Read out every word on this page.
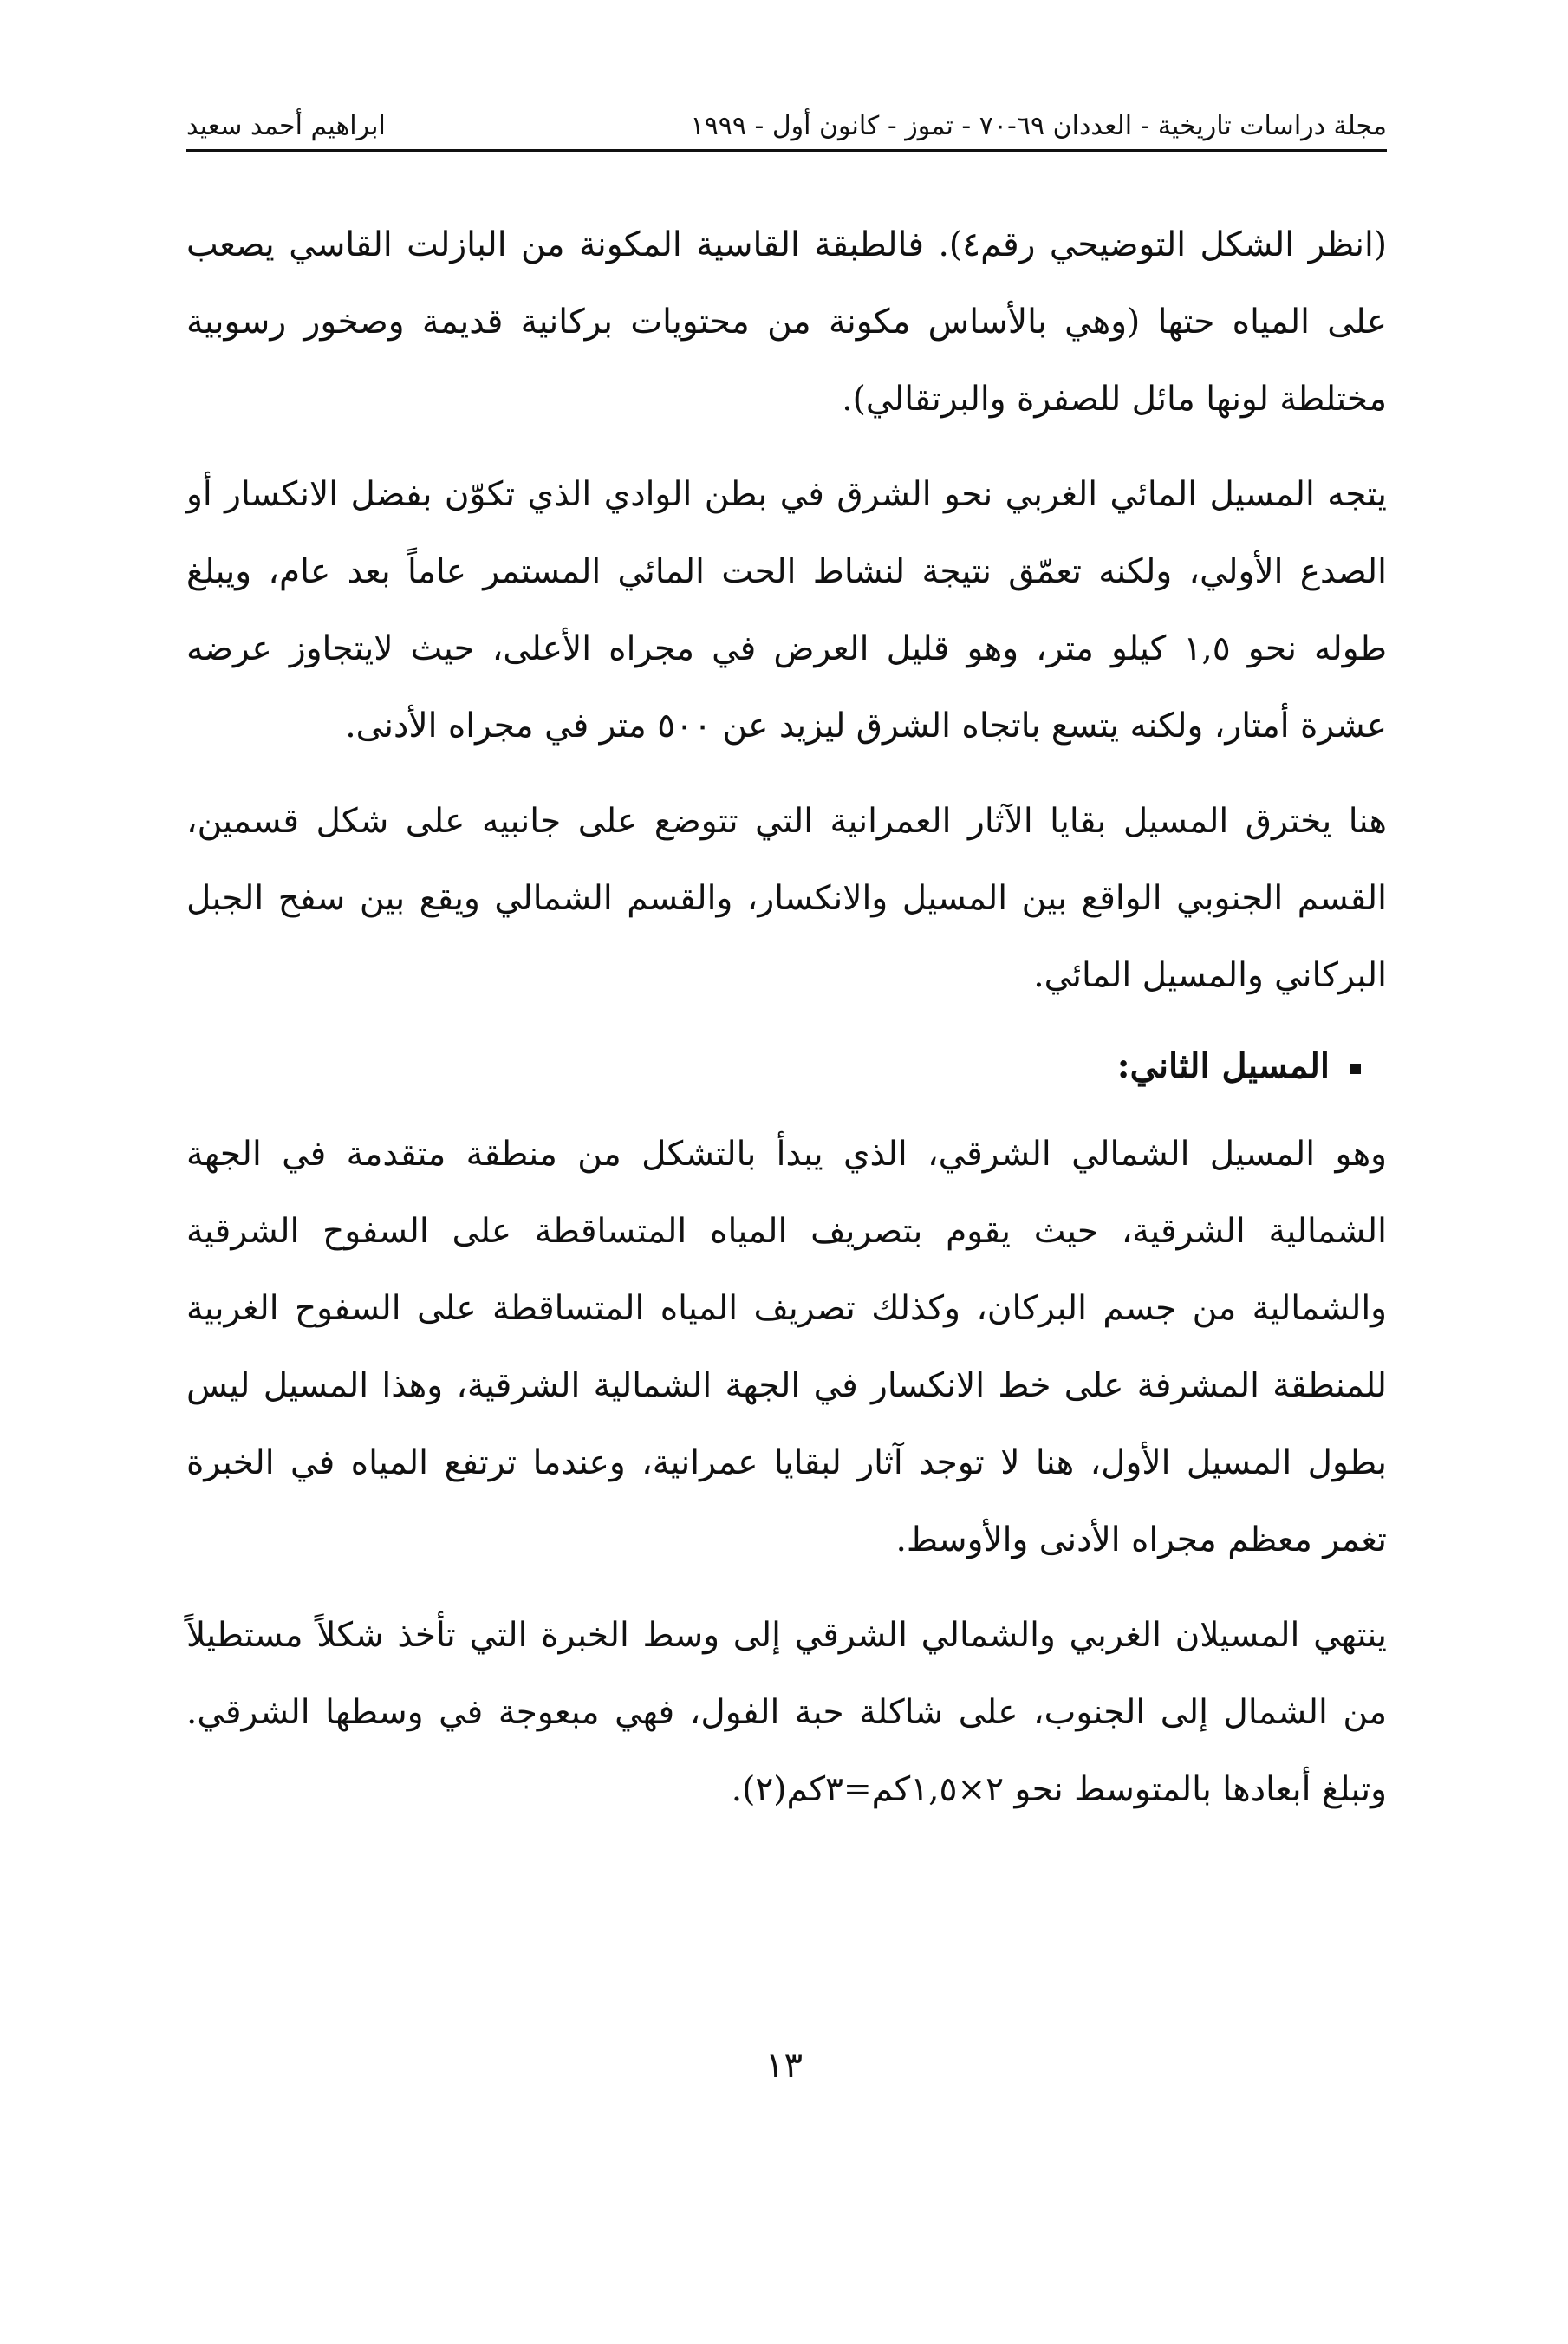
مجلة دراسات تاريخية - العددان ٦٩-٧٠ - تموز - كانون أول - ١٩٩٩
ابراهيم أحمد سعيد

(انظر الشكل التوضيحي رقم٤). فالطبقة القاسية المكونة من البازلت القاسي يصعب على المياه حتها (وهي بالأساس مكونة من محتويات بركانية قديمة وصخور رسوبية مختلطة لونها مائل للصفرة والبرتقالي).

يتجه المسيل المائي الغربي نحو الشرق في بطن الوادي الذي تكوّن بفضل الانكسار أو الصدع الأولي، ولكنه تعمّق نتيجة لنشاط الحت المائي المستمر عاماً بعد عام، ويبلغ طوله نحو ١,٥ كيلو متر، وهو قليل العرض في مجراه الأعلى، حيث لايتجاوز عرضه عشرة أمتار، ولكنه يتسع باتجاه الشرق ليزيد عن ٥٠٠ متر في مجراه الأدنى.

هنا يخترق المسيل بقايا الآثار العمرانية التي تتوضع على جانبيه على شكل قسمين، القسم الجنوبي الواقع بين المسيل والانكسار، والقسم الشمالي ويقع بين سفح الجبل البركاني والمسيل المائي.

المسيل الثاني:

وهو المسيل الشمالي الشرقي، الذي يبدأ بالتشكل من منطقة متقدمة في الجهة الشمالية الشرقية، حيث يقوم بتصريف المياه المتساقطة على السفوح الشرقية والشمالية من جسم البركان، وكذلك تصريف المياه المتساقطة على السفوح الغربية للمنطقة المشرفة على خط الانكسار في الجهة الشمالية الشرقية، وهذا المسيل ليس بطول المسيل الأول، هنا لا توجد آثار لبقايا عمرانية، وعندما ترتفع المياه في الخبرة تغمر معظم مجراه الأدنى والأوسط.

ينتهي المسيلان الغربي والشمالي الشرقي إلى وسط الخبرة التي تأخذ شكلاً مستطيلاً من الشمال إلى الجنوب، على شاكلة حبة الفول، فهي مبعوجة في وسطها الشرقي. وتبلغ أبعادها بالمتوسط نحو ٢×١,٥كم=٣كم(٢).

١٣
